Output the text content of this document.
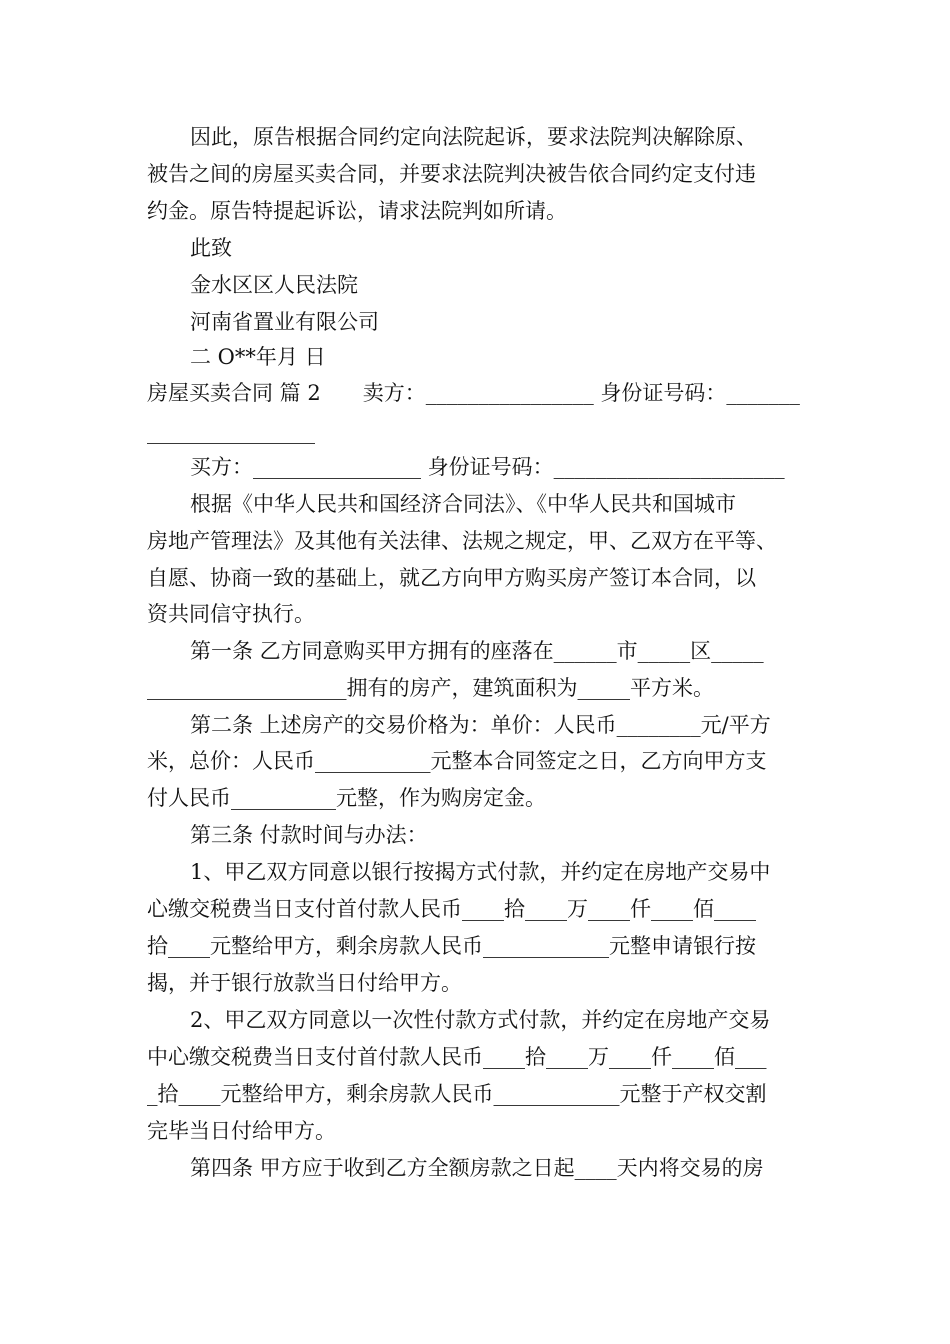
因此，原告根据合同约定向法院起诉，要求法院判决解除原、
被告之间的房屋买卖合同，并要求法院判决被告依合同约定支付违
约金。原告特提起诉讼，请求法院判如所请。
此致
金水区区人民法院
河南省置业有限公司
二 O**年月 日
房屋买卖合同 篇 2　　卖方：________________ 身份证号码：_______
________________
买方：________________ 身份证号码：______________________
根据《中华人民共和国经济合同法》、《中华人民共和国城市
房地产管理法》及其他有关法律、法规之规定，甲、乙双方在平等、
自愿、协商一致的基础上，就乙方向甲方购买房产签订本合同，以
资共同信守执行。
第一条 乙方同意购买甲方拥有的座落在______市_____区_____
___________________拥有的房产，建筑面积为_____平方米。
第二条 上述房产的交易价格为：单价：人民币________元/平方
米，总价：人民币___________元整本合同签定之日，乙方向甲方支
付人民币__________元整，作为购房定金。
第三条 付款时间与办法：
1、甲乙双方同意以银行按揭方式付款，并约定在房地产交易中
心缴交税费当日支付首付款人民币____拾____万____仟____佰____
拾____元整给甲方，剩余房款人民币____________元整申请银行按
揭，并于银行放款当日付给甲方。
2、甲乙双方同意以一次性付款方式付款，并约定在房地产交易
中心缴交税费当日支付首付款人民币____拾____万____仟____佰___
_拾____元整给甲方，剩余房款人民币____________元整于产权交割
完毕当日付给甲方。
第四条 甲方应于收到乙方全额房款之日起____天内将交易的房
